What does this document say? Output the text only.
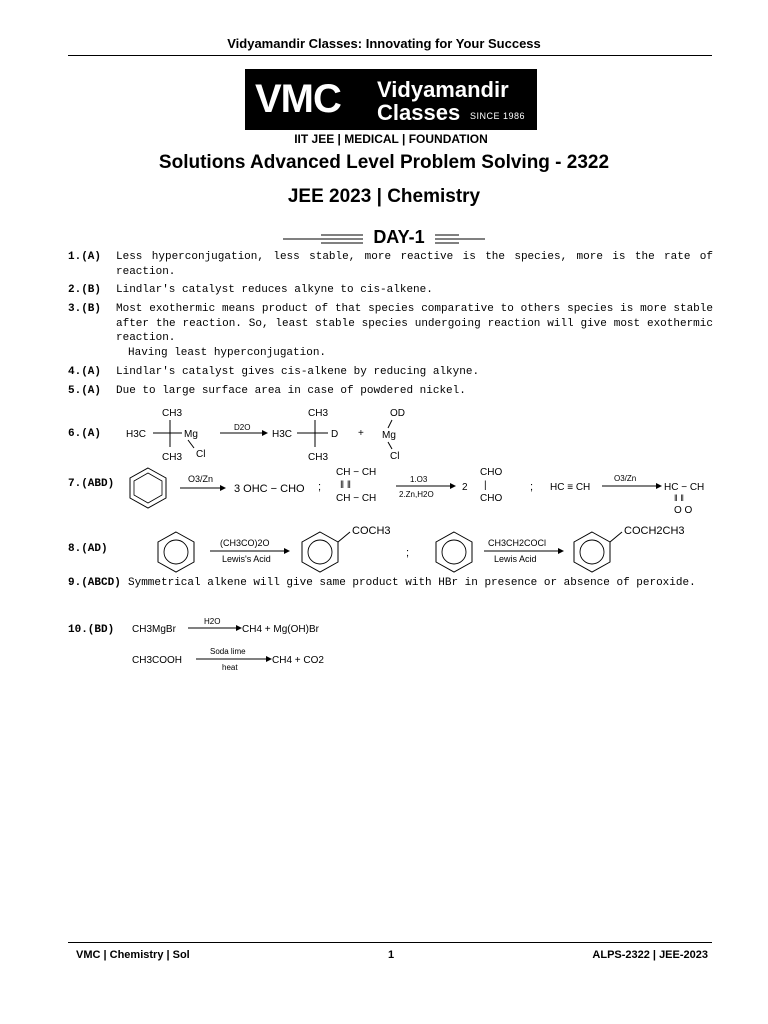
Vidyamandir Classes: Innovating for Your Success
VMC Vidyamandir
Classes SINCE 1986
IIT JEE | MEDICAL | FOUNDATION
Solutions Advanced Level Problem Solving - 2322
JEE 2023 | Chemistry
DAY-1
1.(A) Less hyperconjugation, less stable, more reactive is the species, more is the rate of reaction.
2.(B) Lindlar's catalyst reduces alkyne to cis-alkene.
3.(B) Most exothermic means product of that species comparative to others species is more stable after the reaction. So, least stable species undergoing reaction will give most exothermic reaction.
Having least hyperconjugation.
4.(A) Lindlar's catalyst gives cis-alkene by reducing alkyne.
5.(A) Due to large surface area in case of powdered nickel.
6.(A)
CH3
H3C	Mg
Cl
CH3
D2O
H3C
CH3
D
CH3
+
OD
Mg
Cl
7.(ABD)	O3/Zn
3 OHC − CHO ;
CH − CH
‖ ‖
CH − CH
1.O3
2.Zn,H2O
2
CHO
|
CHO
; HC ≡ CH
O3/Zn
HC − CH
‖ ‖
O O
8.(AD)	(CH3CO)2O
Lewis's Acid
COCH3
;
CH3CH2COCl
Lewis Acid
COCH2CH3
9.(ABCD) Symmetrical alkene will give same product with HBr in presence or absence of peroxide.
10.(BD) CH3MgBr
H2O
CH4 + Mg(OH)Br
CH3COOH
Soda lime
heat
CH4 + CO2
VMC | Chemistry | Sol	1	ALPS-2322 | JEE-2023
